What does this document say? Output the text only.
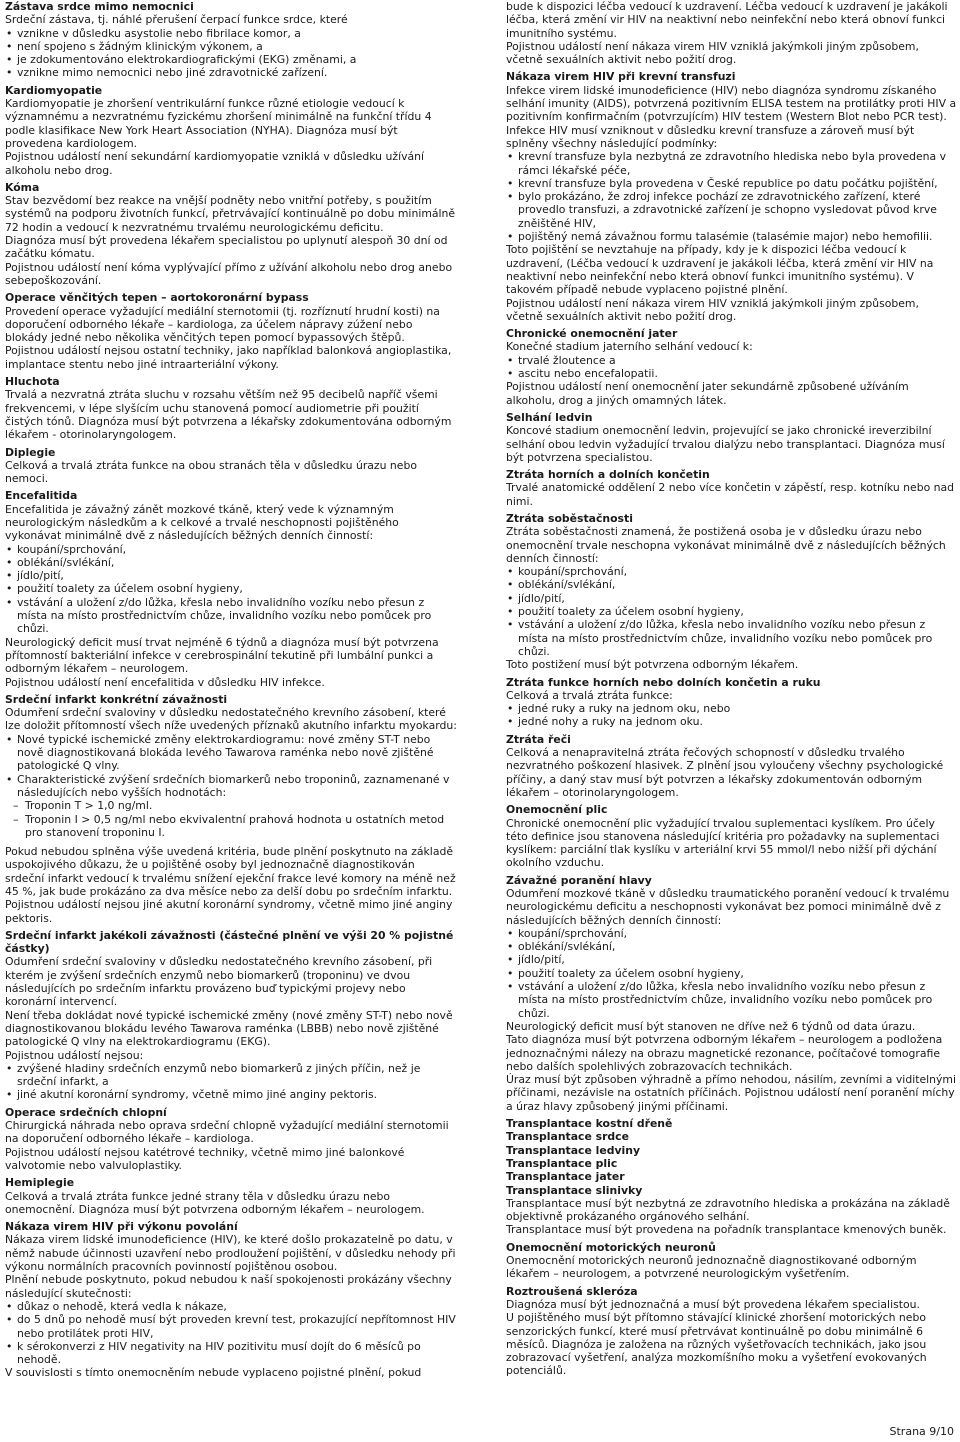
Zástava srdce mimo nemocnici

Srdeční zástava, tj. náhlé přerušení čerpací funkce srdce, které

• vznikne v důsledku asystolie nebo fibrilace komor, a
• není spojeno s žádným klinickým výkonem, a
• je zdokumentováno elektrokardiografickými (EKG) změnami, a
• vznikne mimo nemocnici nebo jiné zdravotnické zařízení.
Kardiomyopatie

Kardiomyopatie je zhoršení ventrikulární funkce různé etiologie vedoucí k významnému a nezvratnému fyzickému zhoršení minimálně na funkční třídu 4 podle klasifikace New York Heart Association (NYHA). Diagnóza musí být provedena kardiologem.

Pojistnou událostí není sekundární kardiomyopatie vzniklá v důsledku užívání alkoholu nebo drog.

Kóma

Stav bezvědomí bez reakce na vnější podněty nebo vnitřní potřeby, s použitím systémů na podporu životních funkcí, přetrvávající kontinuálně po dobu minimálně 72 hodin a vedoucí k nezvratnému trvalému neurologickému deficitu.

Diagnóza musí být provedena lékařem specialistou po uplynutí alespoň 30 dní od začátku kómatu.

Pojistnou událostí není kóma vyplývající přímo z užívání alkoholu nebo drog anebo sebepoškozování.

Operace věnčitých tepen – aortokoronární bypass

Provedení operace vyžadující mediální sternotomii (tj. rozříznutí hrudní kosti) na doporučení odborného lékaře – kardiologa, za účelem nápravy zúžení nebo blokády jedné nebo několika věnčitých tepen pomocí bypassových štěpů.

Pojistnou událostí nejsou ostatní techniky, jako například balonková angioplastika, implantace stentu nebo jiné intraarteriální výkony.

Hluchota

Trvalá a nezvratná ztráta sluchu v rozsahu větším než 95 decibelů napříč všemi frekvencemi, v lépe slyšícím uchu stanovená pomocí audiometrie při použití čistých tónů. Diagnóza musí být potvrzena a lékařsky zdokumentována odborným lékařem - otorinolaryngologem.

Diplegie

Celková a trvalá ztráta funkce na obou stranách těla v důsledku úrazu nebo nemoci.

Encefalitida

Encefalitida je závažný zánět mozkové tkáně, který vede k významným neurologickým následkům a k celkové a trvalé neschopnosti pojištěného vykonávat minimálně dvě z následujících běžných denních činností:

• koupání/sprchování,
• oblékání/svlékání,
• jídlo/pití,
• použití toalety za účelem osobní hygieny,
• vstávání a uložení z/do lůžka, křesla nebo invalidního vozíku nebo přesun z místa na místo prostřednictvím chůze, invalidního vozíku nebo pomůcek pro chůzi.

Neurologický deficit musí trvat nejméně 6 týdnů a diagnóza musí být potvrzena přítomností bakteriální infekce v cerebrospinální tekutině při lumbální punkci a odborným lékařem – neurologem.

Pojistnou událostí není encefalitida v důsledku HIV infekce.

Srdeční infarkt konkrétní závažnosti

Odumření srdeční svaloviny v důsledku nedostatečného krevního zásobení, které lze doložit přítomností všech níže uvedených příznaků akutního infarktu myokardu:

• Nové typické ischemické změny elektrokardiogramu: nové změny ST-T nebo nově diagnostikovaná blokáda levého Tawarova raménka nebo nově zjištěné patologické Q vlny.
• Charakteristické zvýšení srdečních biomarkerů nebo troponinů, zaznamenané v následujících nebo vyšších hodnotách:
– Troponin T > 1,0 ng/ml.
– Troponin I > 0,5 ng/ml nebo ekvivalentní prahová hodnota u ostatních metod pro stanovení troponinu I.

Pokud nebudou splněna výše uvedená kritéria, bude plnění poskytnuto na základě uspokojivého důkazu, že u pojištěné osoby byl jednoznačně diagnostikován srdeční infarkt vedoucí k trvalému snížení ejekční frakce levé komory na méně než 45 %, jak bude prokázáno za dva měsíce nebo za delší dobu po srdečním infarktu.

Pojistnou událostí nejsou jiné akutní koronární syndromy, včetně mimo jiné anginy pektoris.

Srdeční infarkt jakékoli závažnosti (částečné plnění ve výši 20 % pojistné částky)

Odumření srdeční svaloviny v důsledku nedostatečného krevního zásobení, při kterém je zvýšení srdečních enzymů nebo biomarkerů (troponinu) ve dvou následujících po srdečním infarktu provázeno buď typickými projevy nebo koronární intervencí.

Není třeba dokládat nové typické ischemické změny (nové změny ST-T) nebo nově diagnostikovanou blokádu levého Tawarova raménka (LBBB) nebo nově zjištěné patologické Q vlny na elektrokardiogramu (EKG).

Pojistnou událostí nejsou:

• zvýšené hladiny srdečních enzymů nebo biomarkerů z jiných příčin, než je srdeční infarkt, a
• jiné akutní koronární syndromy, včetně mimo jiné anginy pektoris.
Operace srdečních chlopní

Chirurgická náhrada nebo oprava srdeční chlopně vyžadující mediální sternotomii na doporučení odborného lékaře – kardiologa.

Pojistnou událostí nejsou katétrové techniky, včetně mimo jiné balonkové valvotomie nebo valvuloplastiky.

Hemiplegie

Celková a trvalá ztráta funkce jedné strany těla v důsledku úrazu nebo onemocnění. Diagnóza musí být potvrzena odborným lékařem – neurologem.

Nákaza virem HIV při výkonu povolání

Nákaza virem lidské imunodeficience (HIV), ke které došlo prokazatelně po datu, v němž nabude účinnosti uzavření nebo prodloužení pojištění, v důsledku nehody při výkonu normálních pracovních povinností pojištěnou osobou.

Plnění nebude poskytnuto, pokud nebudou k naší spokojenosti prokázány všechny následující skutečnosti:

• důkaz o nehodě, která vedla k nákaze,
• do 5 dnů po nehodě musí být proveden krevní test, prokazující nepřítomnost HIV nebo protilátek proti HIV,
• k sérokonverzi z HIV negativity na HIV pozitivitu musí dojít do 6 měsíců po nehodě.

V souvislosti s tímto onemocněním nebude vyplaceno pojistné plnění, pokud

bude k dispozici léčba vedoucí k uzdravení. Léčba vedoucí k uzdravení je jakákoli léčba, která změní vir HIV na neaktivní nebo neinfekční nebo která obnoví funkci imunitního systému.

Pojistnou událostí není nákaza virem HIV vzniklá jakýmkoli jiným způsobem, včetně sexuálních aktivit nebo požití drog.

Nákaza virem HIV při krevní transfuzi

Infekce virem lidské imunodeficience (HIV) nebo diagnóza syndromu získaného selhání imunity (AIDS), potvrzená pozitivním ELISA testem na protilátky proti HIV a pozitivním konfirmačním (potvrzujícím) HIV testem (Western Blot nebo PCR test).

Infekce HIV musí vzniknout v důsledku krevní transfuze a zároveň musí být splněny všechny následující podmínky:

• krevní transfuze byla nezbytná ze zdravotního hlediska nebo byla provedena v rámci lékařské péče,
• krevní transfuze byla provedena v České republice po datu počátku pojištění,
• bylo prokázáno, že zdroj infekce pochází ze zdravotnického zařízení, které provedlo transfuzi, a zdravotnické zařízení je schopno vysledovat původ krve zněištěné HIV,
• pojištěný nemá závažnou formu talasémie (talasémie major) nebo hemofilii.

Toto pojištění se nevztahuje na případy, kdy je k dispozici léčba vedoucí k uzdravení, (Léčba vedoucí k uzdravení je jakákoli léčba, která změní vir HIV na neaktivní nebo neinfekční nebo která obnoví funkci imunitního systému). V takovém případě nebude vyplaceno pojistné plnění.

Pojistnou událostí není nákaza virem HIV vzniklá jakýmkoli jiným způsobem, včetně sexuálních aktivit nebo požití drog.

Chronické onemocnění jater

Konečné stadium jaterního selhání vedoucí k:

• trvalé žloutence a
• ascitu nebo encefalopatii.

Pojistnou událostí není onemocnění jater sekundárně způsobené užíváním alkoholu, drog a jiných omamných látek.

Selhání ledvin

Koncové stadium onemocnění ledvin, projevující se jako chronické ireverzibilní selhání obou ledvin vyžadující trvalou dialýzu nebo transplantaci. Diagnóza musí být potvrzena specialistou.

Ztráta horních a dolních končetin

Trvalé anatomické oddělení 2 nebo více končetin v zápěstí, resp. kotníku nebo nad nimi.

Ztráta soběstačnosti

Ztráta soběstačnosti znamená, že postižená osoba je v důsledku úrazu nebo onemocnění trvale neschopna vykonávat minimálně dvě z následujících běžných denních činností:

• koupání/sprchování,
• oblékání/svlékání,
• jídlo/pití,
• použití toalety za účelem osobní hygieny,
• vstávání a uložení z/do lůžka, křesla nebo invalidního vozíku nebo přesun z místa na místo prostřednictvím chůze, invalidního vozíku nebo pomůcek pro chůzi.

Toto postižení musí být potvrzena odborným lékařem.

Ztráta funkce horních nebo dolních končetin a ruku

Celková a trvalá ztráta funkce:

• jedné ruky a ruky na jednom oku, nebo
• jedné nohy a ruky na jednom oku.
Ztráta řeči

Celková a nenapravitelná ztráta řečových schopností v důsledku trvalého nezvratného poškození hlasivek. Z plnění jsou vyloučeny všechny psychologické příčiny, a daný stav musí být potvrzen a lékařsky zdokumentován odborným lékařem – otorinolaryngologem.

Onemocnění plic

Chronické onemocnění plic vyžadující trvalou suplementaci kyslíkem. Pro účely této definice jsou stanovena následující kritéria pro požadavky na suplementaci kyslíkem: parciální tlak kyslíku v arteriální krvi 55 mmol/l nebo nižší při dýchání okolního vzduchu.

Závažné poranění hlavy

Odumření mozkové tkáně v důsledku traumatického poranění vedoucí k trvalému neurologickému deficitu a neschopnosti vykonávat bez pomoci minimálně dvě z následujících běžných denních činností:

• koupání/sprchování,
• oblékání/svlékání,
• jídlo/pití,
• použití toalety za účelem osobní hygieny,
• vstávání a uložení z/do lůžka, křesla nebo invalidního vozíku nebo přesun z místa na místo prostřednictvím chůze, invalidního vozíku nebo pomůcek pro chůzi.

Neurologický deficit musí být stanoven ne dříve než 6 týdnů od data úrazu.

Tato diagnóza musí být potvrzena odborným lékařem – neurologem a podložena jednoznačnými nálezy na obrazu magnetické rezonance, počítačové tomografie nebo dalších spolehlivých zobrazovacích technikách.

Úraz musí být způsoben výhradně a přímo nehodou, násilím, zevními a viditelnými příčinami, nezávisle na ostatních příčinách. Pojistnou událostí není poranění míchy a úraz hlavy způsobený jinými příčinami.

Transplantace kostní dřeně
Transplantace srdce
Transplantace ledviny
Transplantace plic
Transplantace jater
Transplantace slinivky

Transplantace musí být nezbytná ze zdravotního hlediska a prokázána na základě objektivně prokázaného orgánového selhání.

Transplantace musí být provedena na pořadník transplantace kmenových buněk.

Onemocnění motorických neuronů

Onemocnění motorických neuronů jednoznačně diagnostikované odborným lékařem – neurologem, a potvrzené neurologickým vyšetřením.

Roztroušená skleróza

Diagnóza musí být jednoznačná a musí být provedena lékařem specialistou.

U pojištěného musí být přítomno stávající klinické zhoršení motorických nebo senzorických funkcí, které musí přetrvávat kontinuálně po dobu minimálně 6 měsíců. Diagnóza je založena na různých vyšetřovacích technikách, jako jsou zobrazovací vyšetření, analýza mozkomíšního moku a vyšetření evokovaných potenciálů.

Strana 9/10
